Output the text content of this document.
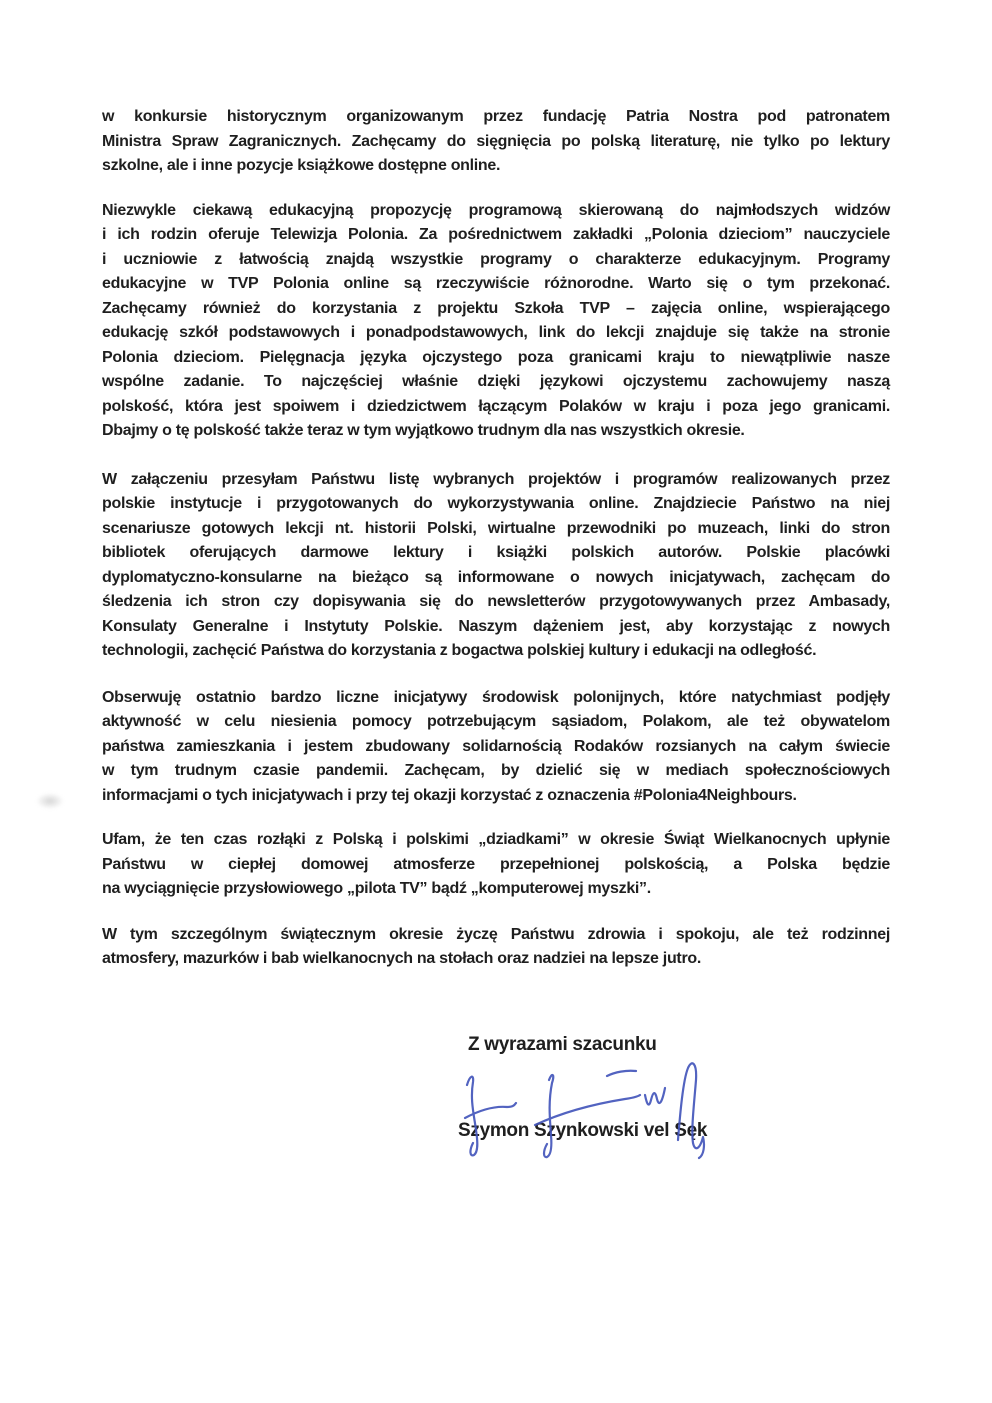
w konkursie historycznym organizowanym przez fundację Patria Nostra pod patronatem
Ministra Spraw Zagranicznych. Zachęcamy do sięgnięcia po polską literaturę, nie tylko po lektury
szkolne, ale i inne pozycje książkowe dostępne online.
Niezwykle ciekawą edukacyjną propozycję programową skierowaną do najmłodszych widzów
i ich rodzin oferuje Telewizja Polonia. Za pośrednictwem zakładki „Polonia dzieciom” nauczyciele
i uczniowie z łatwością znajdą wszystkie programy o charakterze edukacyjnym. Programy
edukacyjne w TVP Polonia online są rzeczywiście różnorodne. Warto się o tym przekonać.
Zachęcamy również do korzystania z projektu Szkoła TVP – zajęcia online, wspierającego
edukację szkół podstawowych i ponadpodstawowych, link do lekcji znajduje się także na stronie
Polonia dzieciom. Pielęgnacja języka ojczystego poza granicami kraju to niewątpliwie nasze
wspólne zadanie. To najczęściej właśnie dzięki językowi ojczystemu zachowujemy naszą
polskość, która jest spoiwem i dziedzictwem łączącym Polaków w kraju i poza jego granicami.
Dbajmy o tę polskość także teraz w tym wyjątkowo trudnym dla nas wszystkich okresie.
W załączeniu przesyłam Państwu listę wybranych projektów i programów realizowanych przez
polskie instytucje i przygotowanych do wykorzystywania online. Znajdziecie Państwo na niej
scenariusze gotowych lekcji nt. historii Polski, wirtualne przewodniki po muzeach, linki do stron
bibliotek oferujących darmowe lektury i książki polskich autorów. Polskie placówki
dyplomatyczno-konsularne na bieżąco są informowane o nowych inicjatywach, zachęcam do
śledzenia ich stron czy dopisywania się do newsletterów przygotowywanych przez Ambasady,
Konsulaty Generalne i Instytuty Polskie. Naszym dążeniem jest, aby korzystając z nowych
technologii, zachęcić Państwa do korzystania z bogactwa polskiej kultury i edukacji na odległość.
Obserwuję ostatnio bardzo liczne inicjatywy środowisk polonijnych, które natychmiast podjęły
aktywność w celu niesienia pomocy potrzebującym sąsiadom, Polakom, ale też obywatelom
państwa zamieszkania i jestem zbudowany solidarnością Rodaków rozsianych na całym świecie
w tym trudnym czasie pandemii. Zachęcam, by dzielić się w mediach społecznościowych
informacjami o tych inicjatywach i przy tej okazji korzystać z oznaczenia #Polonia4Neighbours.
Ufam, że ten czas rozłąki z Polską i polskimi „dziadkami” w okresie Świąt Wielkanocnych upłynie
Państwu w ciepłej domowej atmosferze przepełnionej polskością, a Polska będzie
na wyciągnięcie przysłowiowego „pilota TV” bądź „komputerowej myszki”.
W tym szczególnym świątecznym okresie życzę Państwu zdrowia i spokoju, ale też rodzinnej
atmosfery, mazurków i bab wielkanocnych na stołach oraz nadziei na lepsze jutro.
Z wyrazami szacunku
Szymon Szynkowski vel Sęk
